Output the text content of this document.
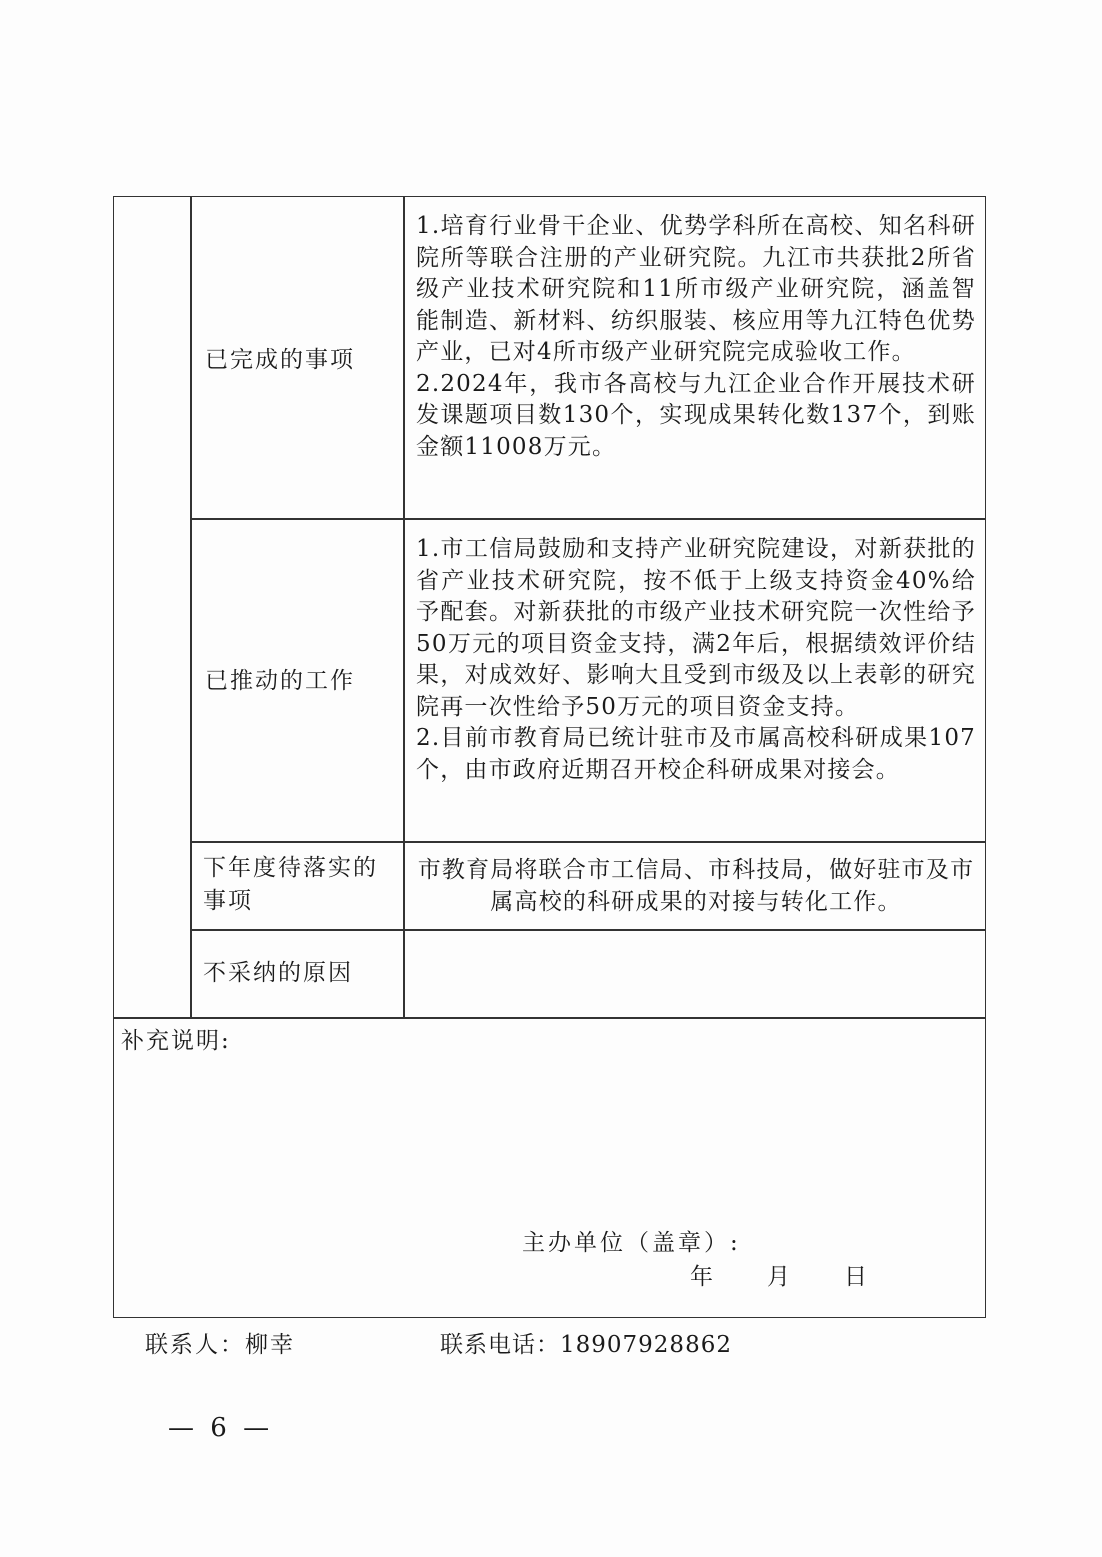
已完成的事项

1.培育行业骨干企业、优势学科所在高校、知名科研院所等联合注册的产业研究院。九江市共获批2所省级产业技术研究院和11所市级产业研究院，涵盖智能制造、新材料、纺织服装、核应用等九江特色优势产业，已对4所市级产业研究院完成验收工作。

2.2024年，我市各高校与九江企业合作开展技术研发课题项目数130个，实现成果转化数137个，到账金额11008万元。

已推动的工作

1.市工信局鼓励和支持产业研究院建设，对新获批的省产业技术研究院，按不低于上级支持资金40%给予配套。对新获批的市级产业技术研究院一次性给予50万元的项目资金支持，满2年后，根据绩效评价结果，对成效好、影响大且受到市级及以上表彰的研究院再一次性给予50万元的项目资金支持。

2.目前市教育局已统计驻市及市属高校科研成果107个，由市政府近期召开校企科研成果对接会。

下年度待落实的事项

市教育局将联合市工信局、市科技局，做好驻市及市属高校的科研成果的对接与转化工作。

不采纳的原因
补充说明:
主办单位（盖章）:
年 月 日
联系人：柳幸	联系电话：18907928862
— 6 —
